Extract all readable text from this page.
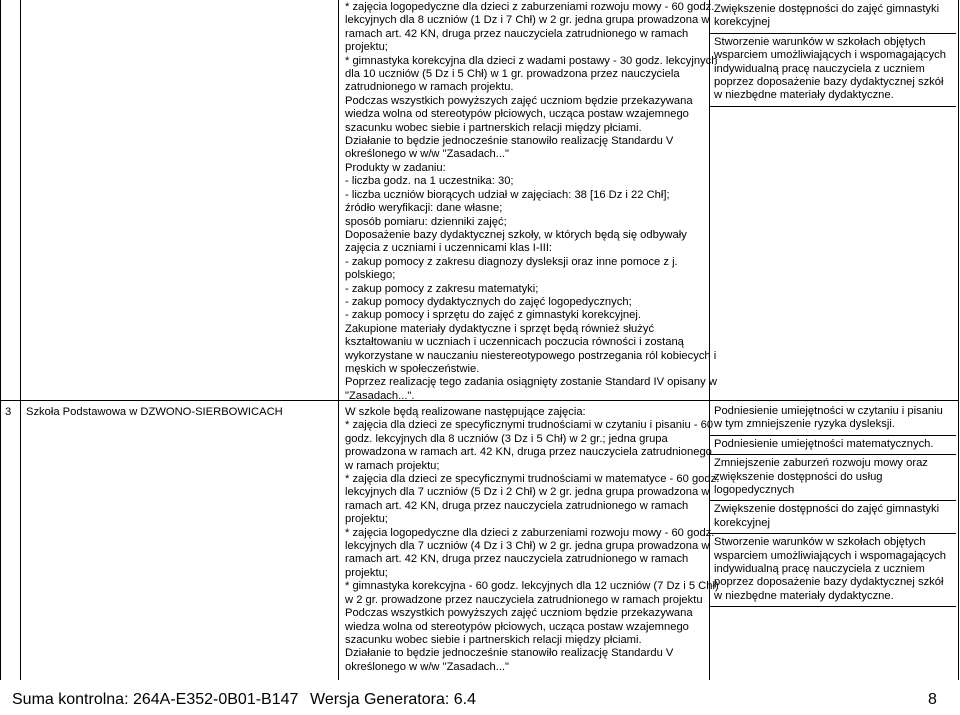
* zajęcia logopedyczne dla dzieci z zaburzeniami rozwoju mowy - 60 godz.
lekcyjnych dla 8 uczniów (1 Dz i 7 Chł) w 2 gr. jedna grupa prowadzona w
ramach art. 42 KN, druga przez nauczyciela zatrudnionego w ramach
projektu;
* gimnastyka korekcyjna dla dzieci z wadami postawy - 30 godz. lekcyjnych
dla 10 uczniów (5 Dz i 5 Chł) w 1 gr. prowadzona przez nauczyciela
zatrudnionego w ramach projektu.
Podczas wszystkich powyższych zajęć uczniom będzie przekazywana
wiedza wolna od stereotypów płciowych, ucząca postaw wzajemnego
szacunku wobec siebie i partnerskich relacji między płciami.
Działanie to będzie jednocześnie stanowiło realizację Standardu V
określonego w w/w "Zasadach..."
Produkty w zadaniu:
- liczba godz. na 1 uczestnika: 30;
- liczba uczniów biorących udział w zajęciach: 38 [16 Dz i 22 Chł];
źródło weryfikacji: dane własne;
sposób pomiaru: dzienniki zajęć;
Doposażenie bazy dydaktycznej szkoły, w których będą się odbywały
zajęcia z uczniami i uczennicami klas I-III:
- zakup pomocy z zakresu diagnozy dysleksji oraz inne pomoce z j.
polskiego;
- zakup pomocy z zakresu matematyki;
- zakup pomocy dydaktycznych do zajęć logopedycznych;
- zakup pomocy i sprzętu do zajęć z gimnastyki korekcyjnej.
Zakupione materiały dydaktyczne i sprzęt będą również służyć
kształtowaniu w uczniach i uczennicach poczucia równości i zostaną
wykorzystane w nauczaniu niestereotypowego postrzegania ról kobiecych i
męskich w społeczeństwie.
Poprzez realizację tego zadania osiągnięty zostanie Standard IV opisany w
"Zasadach...".
Zwiększenie dostępności do zajęć gimnastyki
korekcyjnej
Stworzenie warunków w szkołach objętych
wsparciem umożliwiających i wspomagających
indywidualną pracę nauczyciela z uczniem
poprzez doposażenie bazy dydaktycznej szkół
w niezbędne materiały dydaktyczne.
3 Szkoła Podstawowa w DZWONO-SIERBOWICACH	W szkole będą realizowane następujące zajęcia:
* zajęcia dla dzieci ze specyficznymi trudnościami w czytaniu i pisaniu - 60
godz. lekcyjnych dla 8 uczniów (3 Dz i 5 Chł) w 2 gr.; jedna grupa
prowadzona w ramach art. 42 KN, druga przez nauczyciela zatrudnionego
w ramach projektu;
* zajęcia dla dzieci ze specyficznymi trudnościami w matematyce - 60 godz.
lekcyjnych dla 7 uczniów (5 Dz i 2 Chł) w 2 gr. jedna grupa prowadzona w
ramach art. 42 KN, druga przez nauczyciela zatrudnionego w ramach
projektu;
* zajęcia logopedyczne dla dzieci z zaburzeniami rozwoju mowy - 60 godz.
lekcyjnych dla 7 uczniów (4 Dz i 3 Chł) w 2 gr. jedna grupa prowadzona w
ramach art. 42 KN, druga przez nauczyciela zatrudnionego w ramach
projektu;
* gimnastyka korekcyjna - 60 godz. lekcyjnych dla 12 uczniów (7 Dz i 5 Chł)
w 2 gr. prowadzone przez nauczyciela zatrudnionego w ramach projektu
Podczas wszystkich powyższych zajęć uczniom będzie przekazywana
wiedza wolna od stereotypów płciowych, ucząca postaw wzajemnego
szacunku wobec siebie i partnerskich relacji między płciami.
Działanie to będzie jednocześnie stanowiło realizację Standardu V
określonego w w/w "Zasadach..."
Podniesienie umiejętności w czytaniu i pisaniu
w tym zmniejszenie ryzyka dysleksji.
Podniesienie umiejętności matematycznych.
Zmniejszenie zaburzeń rozwoju mowy oraz
zwiększenie dostępności do usług
logopedycznych
Zwiększenie dostępności do zajęć gimnastyki
korekcyjnej
Stworzenie warunków w szkołach objętych
wsparciem umożliwiających i wspomagających
indywidualną pracę nauczyciela z uczniem
poprzez doposażenie bazy dydaktycznej szkół
w niezbędne materiały dydaktyczne.
Suma kontrolna: 264A-E352-0B01-B147 Wersja Generatora: 6.4	8
